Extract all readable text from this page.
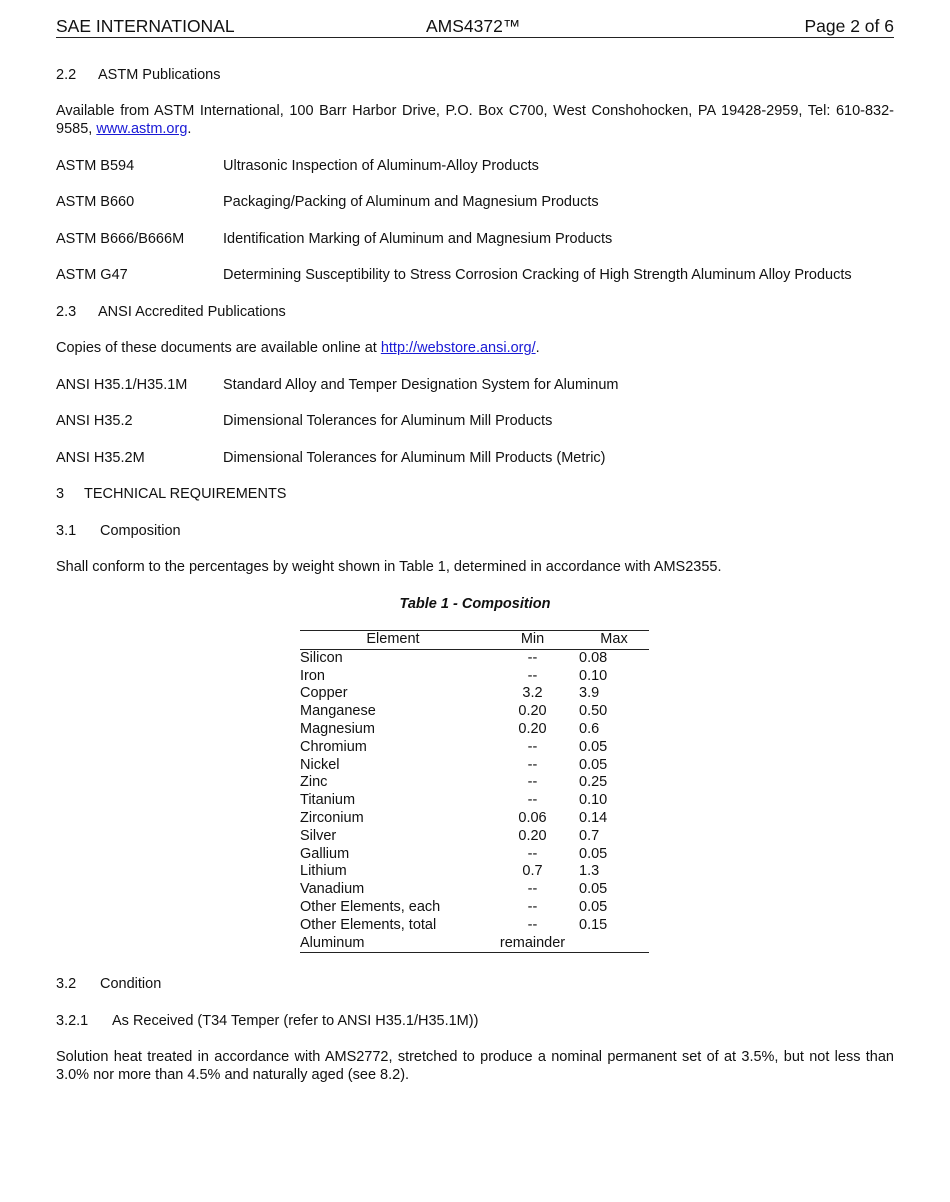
SAE INTERNATIONAL	AMS4372™	Page 2 of 6
2.2 ASTM Publications
Available from ASTM International, 100 Barr Harbor Drive, P.O. Box C700, West Conshohocken, PA 19428-2959, Tel: 610-832-9585, www.astm.org.
ASTM B594	Ultrasonic Inspection of Aluminum-Alloy Products
ASTM B660	Packaging/Packing of Aluminum and Magnesium Products
ASTM B666/B666M	Identification Marking of Aluminum and Magnesium Products
ASTM G47	Determining Susceptibility to Stress Corrosion Cracking of High Strength Aluminum Alloy Products
2.3 ANSI Accredited Publications
Copies of these documents are available online at http://webstore.ansi.org/.
ANSI H35.1/H35.1M Standard Alloy and Temper Designation System for Aluminum
ANSI H35.2	Dimensional Tolerances for Aluminum Mill Products
ANSI H35.2M	Dimensional Tolerances for Aluminum Mill Products (Metric)
3 TECHNICAL REQUIREMENTS
3.1 Composition
Shall conform to the percentages by weight shown in Table 1, determined in accordance with AMS2355.
Table 1 - Composition
Element	Min	Max
Silicon	--	0.08
Iron	--	0.10
Copper	3.2	3.9
Manganese	0.20	0.50
Magnesium	0.20	0.6
Chromium	--	0.05
Nickel	--	0.05
Zinc	--	0.25
Titanium	--	0.10
Zirconium	0.06	0.14
Silver	0.20	0.7
Gallium	--	0.05
Lithium	0.7	1.3
Vanadium	--	0.05
Other Elements, each	--	0.05
Other Elements, total	--	0.15
Aluminum	remainder	
3.2 Condition
3.2.1 As Received (T34 Temper (refer to ANSI H35.1/H35.1M))
Solution heat treated in accordance with AMS2772, stretched to produce a nominal permanent set of at 3.5%, but not less than 3.0% nor more than 4.5% and naturally aged (see 8.2).
